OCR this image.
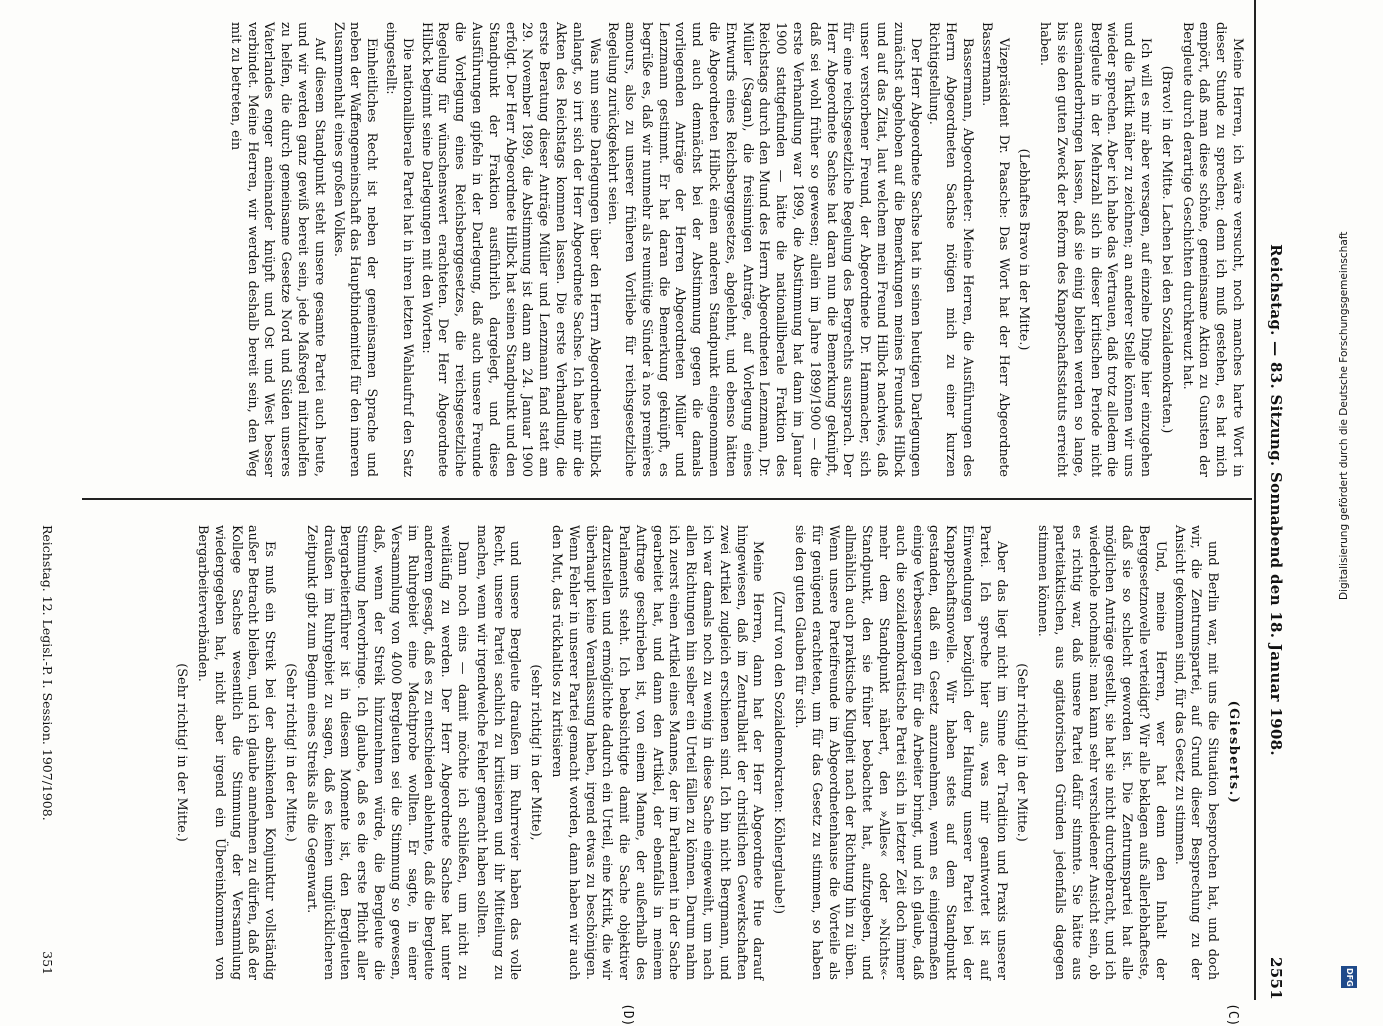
Reichstag. — 83. Sitzung. Sonnabend den 18. Januar 1908.
2551
(C)
(D)

(Giesberts.)

und Berlin war, mit uns die Situation besprochen hat, und doch wir, die Zentrumspartei, auf Grund dieser Besprechung zu der Ansicht gekommen sind, für das Gesetz zu stimmen.

Und, meine Herren, wer hat denn den Inhalt der Berggesetznovelle verteidigt? Wir alle beklagen aufs allerlebhafteste, daß sie so schlecht geworden ist. Die Zentrumspartei hat alle möglichen Anträge gestellt, sie hat sie nicht durchgebracht, und ich wiederhole nochmals: man kann sehr verschiedener Ansicht sein, ob es richtig war, daß unsere Partei dafür stimmte. Sie hätte aus parteitaktischen, aus agitatorischen Gründen jedenfalls dagegen stimmen können.

(Sehr richtig! in der Mitte.)

Aber das liegt nicht im Sinne der Tradition und Praxis unserer Partei. Ich spreche hier aus, was mir geantwortet ist auf Einwendungen bezüglich der Haltung unserer Partei bei der Knappschaftsnovelle. Wir haben stets auf dem Standpunkt gestanden, daß ein Gesetz anzunehmen, wenn es einigermaßen einige Verbesserungen für die Arbeiter bringt, und ich glaube, daß auch die sozialdemokratische Partei sich in letzter Zeit doch immer mehr dem Standpunkt nähert, den »Alles« oder »Nichts«-Standpunkt, den sie früher beobachtet hat, aufzugeben, und allmählich auch praktische Klugheit nach der Richtung hin zu üben. Wenn unsere Parteifreunde im Abgeordnetenhause die Vorteile als für genügend erachteten, um für das Gesetz zu stimmen, so haben sie den guten Glauben für sich.

(Zuruf von den Sozialdemokraten: Köhlerglaube!)

Meine Herren, dann hat der Herr Abgeordnete Hue darauf hingewiesen, daß im Zentralblatt der christlichen Gewerkschaften zwei Artikel zugleich erschienen sind. Ich bin nicht Bergmann, und ich war damals noch zu wenig in diese Sache eingeweiht, um nach allen Richtungen hin selber ein Urteil fällen zu können. Darum nahm ich zuerst einen Artikel eines Mannes, der im Parlament in der Sache gearbeitet hat, und dann den Artikel, der ebenfalls in meinem Auftrage geschrieben ist, von einem Manne, der außerhalb des Parlaments steht. Ich beabsichtigte damit die Sache objektiver darzustellen und ermöglichte dadurch ein Urteil, eine Kritik, die wir überhaupt keine Veranlassung haben, irgend etwas zu beschönigen. Wenn Fehler in unserer Partei gemacht worden, dann haben wir auch den Mut, das rückhaltlos zu kritisieren

(sehr richtig! in der Mitte),

und unsere Bergleute draußen im Ruhrrevier haben das volle Recht, unsere Partei sachlich zu kritisieren und ihr Mitteilung zu machen, wenn wir irgendwelche Fehler gemacht haben sollten.

Dann noch eins — damit möchte ich schließen, um nicht zu weitläufig zu werden. Der Herr Abgeordnete Sachse hat unter anderem gesagt, daß es zu entschieden ablehnte, daß die Bergleute im Ruhrgebiet eine Machtprobe wollten. Er sagte, in einer Versammlung von 4000 Bergleuten sei die Stimmung so gewesen, daß, wenn der Streik hinzunehmen würde, die Bergleute die Stimmung hervorbringe. Ich glaube, daß es die erste Pflicht aller Bergarbeiterführer ist in diesem Momente ist, den Bergleuten draußen im Ruhrgebiet zu sagen, daß es keinen unglücklicheren Zeitpunkt gibt zum Beginn eines Streiks als die Gegenwart.

(Sehr richtig! in der Mitte.)

Es muß ein Streik bei der absinkenden Konjunktur vollständig außer Betracht bleiben, und ich glaube annehmen zu dürfen, daß der Kollege Sachse wesentlich die Stimmung der Versammlung wiedergegeben hat, nicht aber irgend ein Übereinkommen von Bergarbeiterverbänden.

(Sehr richtig! in der Mitte.)

Meine Herren, ich wäre versucht, noch manches harte Wort in dieser Stunde zu sprechen; denn ich muß gestehen, es hat mich empört, daß man diese schöne, gemeinsame Aktion zu Gunsten der Bergleute durch derartige Geschichten durchkreuzt hat.

(Bravo! in der Mitte. Lachen bei den Sozialdemokraten.)

Ich will es mir aber versagen, auf einzelne Dinge hier einzugehen und die Taktik näher zu zeichnen; an anderer Stelle können wir uns wieder sprechen. Aber ich habe das Vertrauen, daß trotz alledem die Bergleute in der Mehrzahl sich in dieser kritischen Periode nicht auseinanderbringen lassen, daß sie einig bleiben werden so lange, bis sie den guten Zweck der Reform des Knappschaftsstatuts erreicht haben.

(Lebhaftes Bravo in der Mitte.)

Vizepräsident Dr. Paasche: Das Wort hat der Herr Abgeordnete Bassermann.

Bassermann, Abgeordneter: Meine Herren, die Ausführungen des Herrn Abgeordneten Sachse nötigen mich zu einer kurzen Richtigstellung.

Der Herr Abgeordnete Sachse hat in seinen heutigen Darlegungen zunächst abgehoben auf die Bemerkungen meines Freundes Hilbck und auf das Zitat, laut welchem mein Freund Hilbck nachwies, daß unser verstorbener Freund, der Abgeordnete Dr. Hammacher, sich für eine reichsgesetzliche Regelung des Bergrechts aussprach. Der Herr Abgeordnete Sachse hat daran nun die Bemerkung geknüpft, daß sei wohl früher so gewesen; allein im Jahre 1899/1900 — die erste Verhandlung war 1899, die Abstimmung hat dann im Januar 1900 stattgefunden — hätte die nationalliberale Fraktion des Reichstags durch den Mund des Herrn Abgeordneten Lenzmann, Dr. Müller (Sagan), die freisinnigen Anträge, auf Vorlegung eines Entwurfs eines Reichsberggesetzes, abgelehnt, und ebenso hätten die Abgeordneten Hilbck einen anderen Standpunkt eingenommen und auch demnächst bei der Abstimmung gegen die damals vorliegenden Anträge der Herren Abgeordneten Müller und Lenzmann gestimmt. Er hat daran die Bemerkung geknüpft, es begrüße es, daß wir nunmehr als reumütige Sünder à nos premières amours, also zu unserer früheren Vorliebe für reichsgesetzliche Regelung zurückgekehrt seien.

Was nun seine Darlegungen über den Herrn Abgeordneten Hilbck anlangt, so irrt sich der Herr Abgeordnete Sachse. Ich habe mir die Akten des Reichstags kommen lassen. Die erste Verhandlung, die erste Beratung dieser Anträge Müller und Lenzmann fand statt am 29. November 1899, die Abstimmung ist dann am 24. Januar 1900 erfolgt. Der Herr Abgeordnete Hilbck hat seinen Standpunkt und den Standpunkt der Fraktion ausführlich dargelegt, und diese Ausführungen gipfeln in der Darlegung, daß auch unsere Freunde die Vorlegung eines Reichsberggesetzes, die reichsgesetzliche Regelung für wünschenswert erachteten. Der Herr Abgeordnete Hilbck beginnt seine Darlegungen mit den Worten:

Die nationalliberale Partei hat in ihren letzten Wahlaufruf den Satz eingestellt:

Einheitliches Recht ist neben der gemeinsamen Sprache und neben der Waffengemeinschaft das Hauptbindemittel für den inneren Zusammenhalt eines großen Volkes.

Auf diesem Standpunkt steht unsere gesamte Partei auch heute, und wir werden ganz gewiß bereit sein, jede Maßregel mitzuhelfen zu helfen, die durch gemeinsame Gesetze Nord und Süden unseres Vaterlandes enger aneinander knüpft und Ost und West besser verbindet. Meine Herren, wir werden deshalb bereit sein, den Weg mit zu betreten, ein

Reichstag. 12. Legisl.-P. I. Session. 1907/1908.
351
Digitalisierung gefördert durch die Deutsche Forschungsgemeinschaft
DFG
